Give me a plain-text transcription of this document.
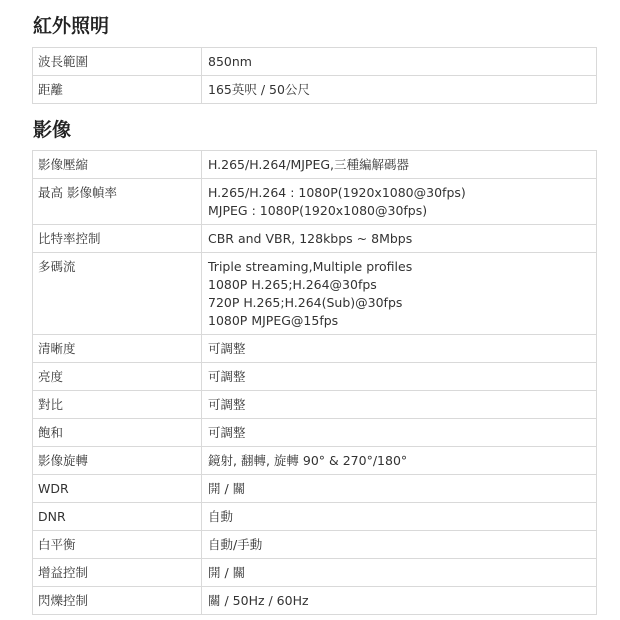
紅外照明
波長範圍	850nm

距離	165英呎 / 50公尺
影像
影像壓縮	H.265/H.264/MJPEG,三種編解碼器

最高 影像幀率	H.265/H.264 : 1080P(1920x1080@30fps)
MJPEG : 1080P(1920x1080@30fps)

比特率控制	CBR and VBR, 128kbps ~ 8Mbps

多碼流	Triple streaming,Multiple profiles
1080P H.265;H.264@30fps
720P H.265;H.264(Sub)@30fps
1080P MJPEG@15fps

清晰度	可調整

亮度	可調整

對比	可調整

飽和	可調整

影像旋轉	鏡射, 翻轉, 旋轉 90° & 270°/180°

WDR	開 / 關

DNR	自動

白平衡	自動/手動

增益控制	開 / 關

閃爍控制	關 / 50Hz / 60Hz
